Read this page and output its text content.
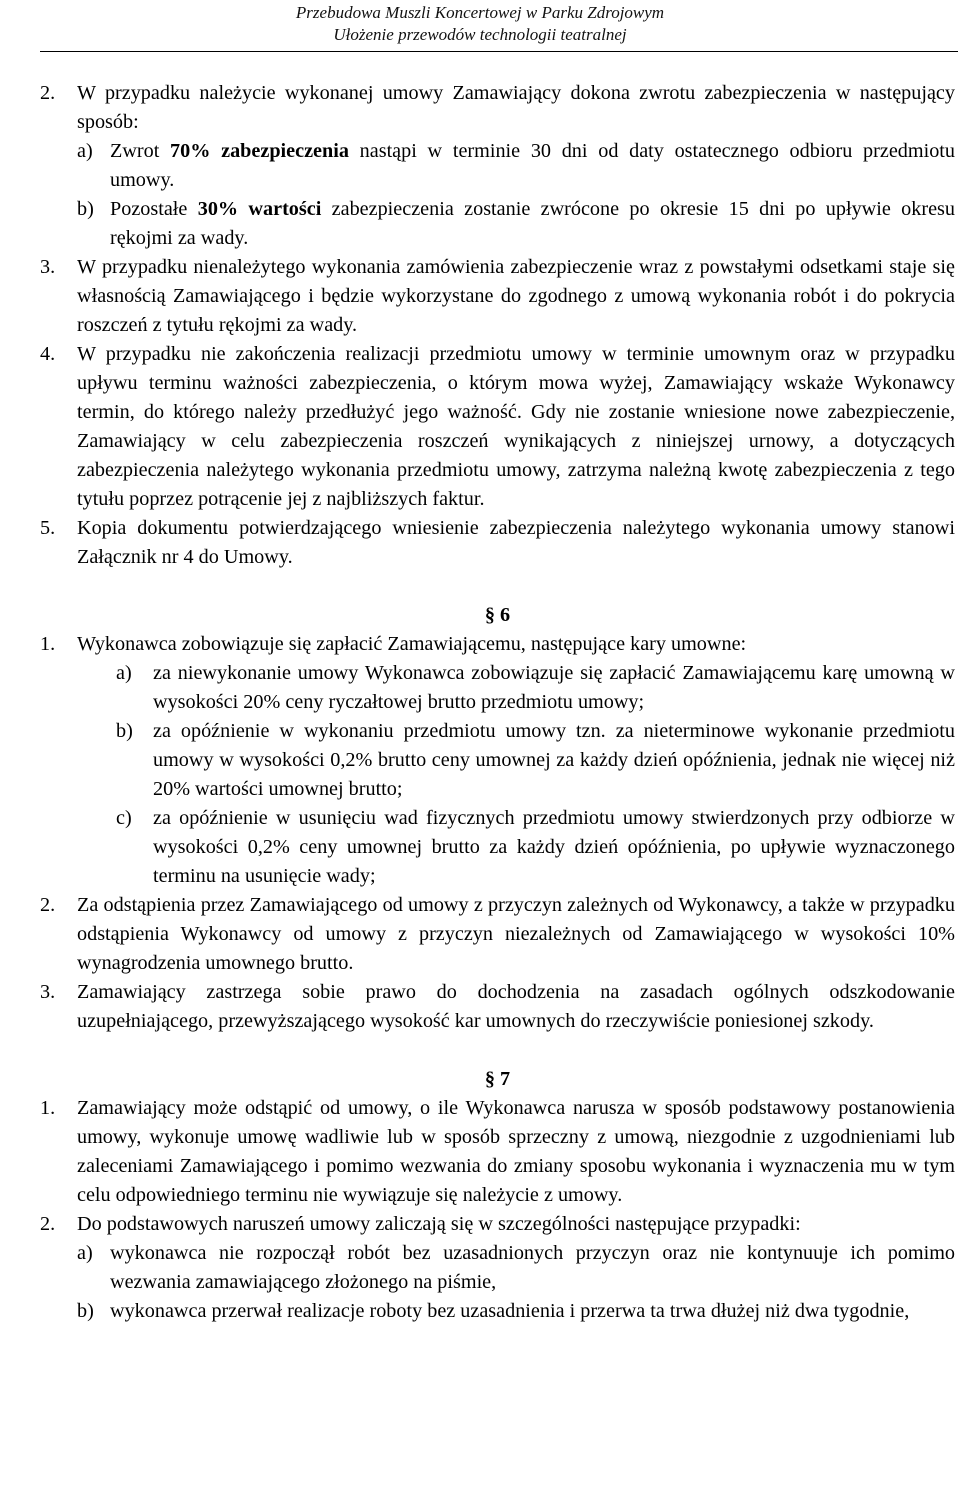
Przebudowa Muszli Koncertowej w Parku Zdrojowym
Ułożenie przewodów technologii teatralnej
2.	W przypadku należycie wykonanej umowy Zamawiający dokona zwrotu zabezpieczenia w następujący sposób:
a) Zwrot 70% zabezpieczenia nastąpi w terminie 30 dni od daty ostatecznego odbioru przedmiotu umowy.
b) Pozostałe 30% wartości zabezpieczenia zostanie zwrócone po okresie 15 dni po upływie okresu rękojmi za wady.
3.	W przypadku nienależytego wykonania zamówienia zabezpieczenie wraz z powstałymi odsetkami staje się własnością Zamawiającego i będzie wykorzystane do zgodnego z umową wykonania robót i do pokrycia roszczeń z tytułu rękojmi za wady.
4.	W przypadku nie zakończenia realizacji przedmiotu umowy w terminie umownym oraz w przypadku upływu terminu ważności zabezpieczenia, o którym mowa wyżej, Zamawiający wskaże Wykonawcy termin, do którego należy przedłużyć jego ważność. Gdy nie zostanie wniesione nowe zabezpieczenie, Zamawiający w celu zabezpieczenia roszczeń wynikających z niniejszej urnowy, a dotyczących zabezpieczenia należytego wykonania przedmiotu umowy, zatrzyma należną kwotę zabezpieczenia z tego tytułu poprzez potrącenie jej z najbliższych faktur.
5.	Kopia dokumentu potwierdzającego wniesienie zabezpieczenia należytego wykonania umowy stanowi Załącznik nr 4 do Umowy.
§ 6
1.	Wykonawca zobowiązuje się zapłacić Zamawiającemu, następujące kary umowne:
a)	za niewykonanie umowy Wykonawca zobowiązuje się zapłacić Zamawiającemu karę umowną w wysokości 20% ceny ryczałtowej brutto przedmiotu umowy;
b) za opóźnienie w wykonaniu przedmiotu umowy tzn. za nieterminowe wykonanie przedmiotu umowy w wysokości 0,2% brutto ceny umownej za każdy dzień opóźnienia, jednak nie więcej niż 20% wartości umownej brutto;
c)	za opóźnienie w usunięciu wad fizycznych przedmiotu umowy stwierdzonych przy odbiorze w wysokości 0,2% ceny umownej brutto za każdy dzień opóźnienia, po upływie wyznaczonego terminu na usunięcie wady;
2.	Za odstąpienia przez Zamawiającego od umowy z przyczyn zależnych od Wykonawcy, a także w przypadku odstąpienia Wykonawcy od umowy z przyczyn niezależnych od Zamawiającego w wysokości 10% wynagrodzenia umownego brutto.
3.	Zamawiający zastrzega sobie prawo do dochodzenia na zasadach ogólnych odszkodowanie uzupełniającego, przewyższającego wysokość kar umownych do rzeczywiście poniesionej szkody.
§ 7
1.	Zamawiający może odstąpić od umowy, o ile Wykonawca narusza w sposób podstawowy postanowienia umowy, wykonuje umowę wadliwie lub w sposób sprzeczny z umową, niezgodnie z uzgodnieniami lub zaleceniami Zamawiającego i pomimo wezwania do zmiany sposobu wykonania i wyznaczenia mu w tym celu odpowiedniego terminu nie wywiązuje się należycie z umowy.
2.	Do podstawowych naruszeń umowy zaliczają się w szczególności następujące przypadki:
a) wykonawca nie rozpoczął robót bez uzasadnionych przyczyn oraz nie kontynuuje ich pomimo wezwania zamawiającego złożonego na piśmie,
b) wykonawca przerwał realizacje roboty bez uzasadnienia i przerwa ta trwa dłużej niż dwa tygodnie,
